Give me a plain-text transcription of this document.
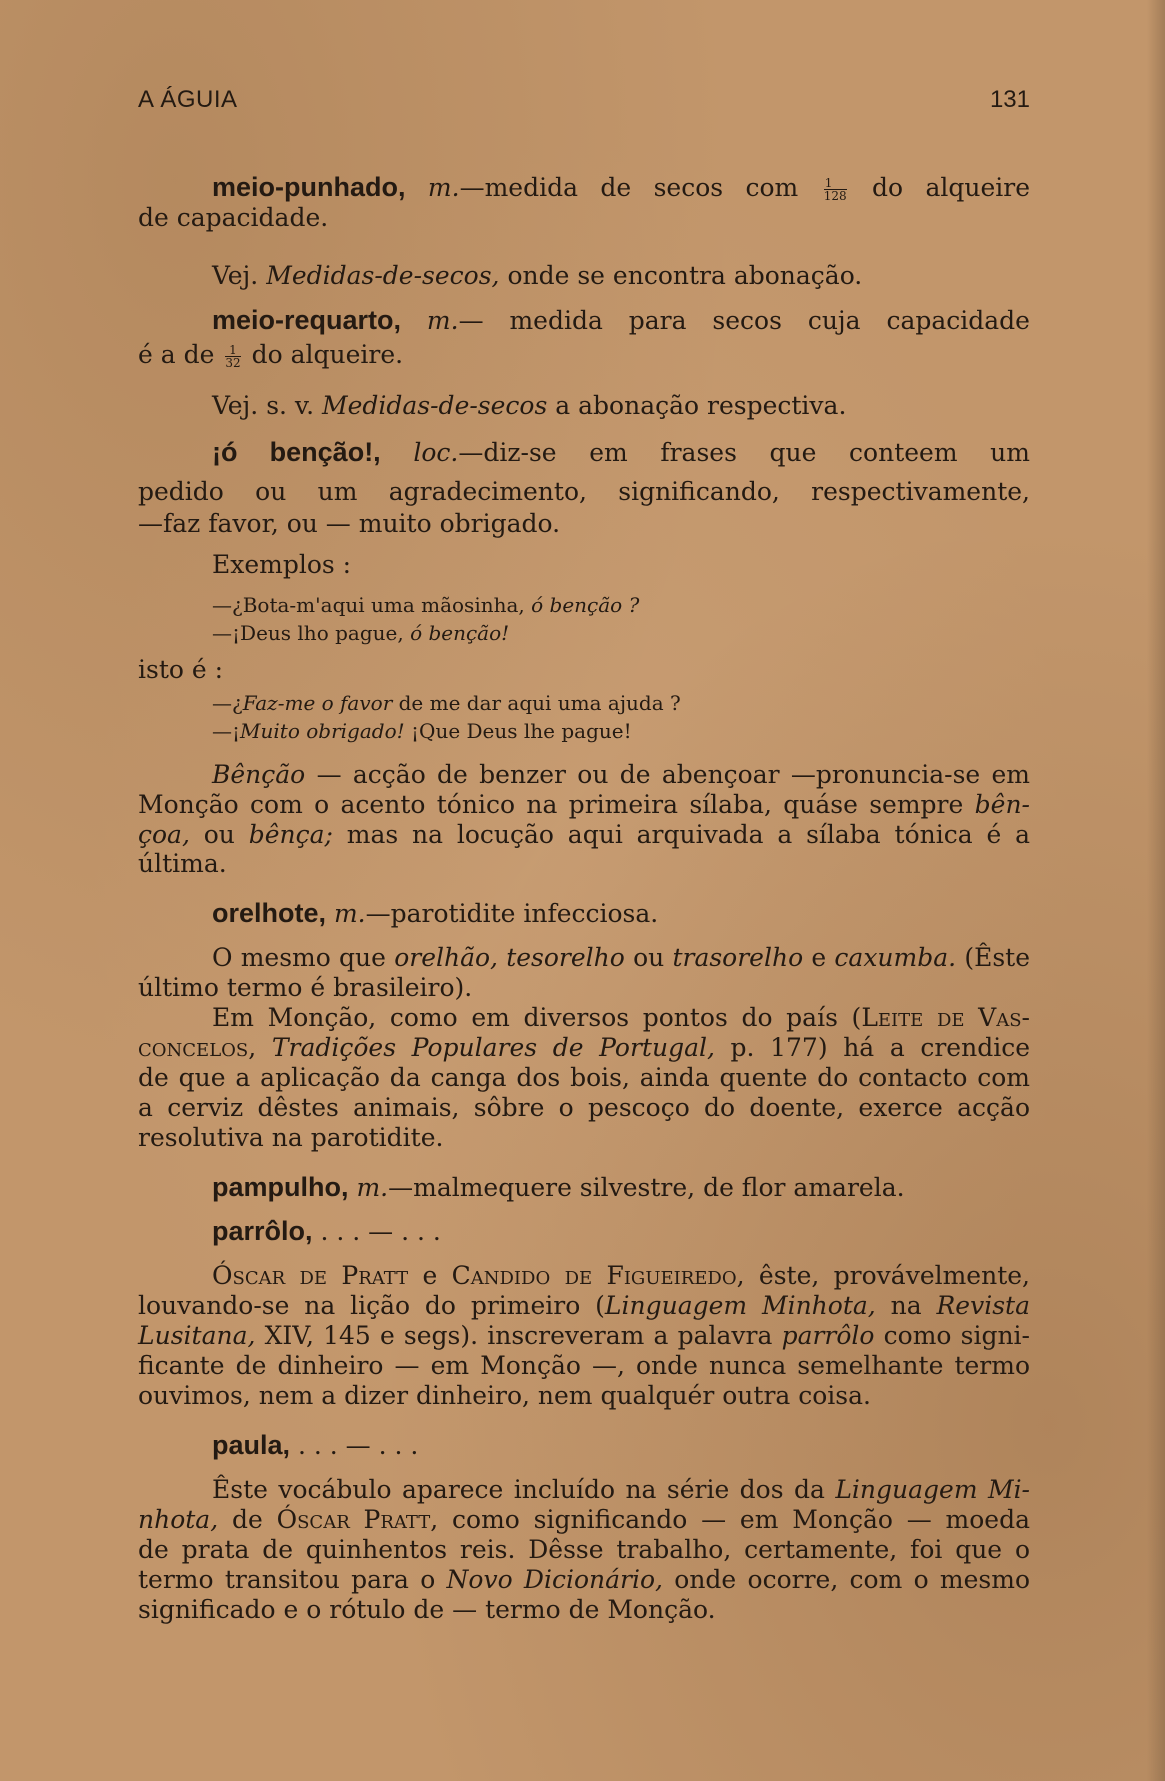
A ÁGUIA	131
meio-punhado, m.—medida de secos com $\frac{1}{128}$ do alqueire
de capacidade.
Vej. Medidas-de-secos, onde se encontra abonação.
meio-requarto, m.— medida para secos cuja capacidade
é a de $\frac{1}{32}$ do alqueire.
Vej. s. v. Medidas-de-secos a abonação respectiva.
¡ó benção!, loc.—diz-se em frases que conteem um
pedido ou um agradecimento, significando, respectivamente,
—faz favor, ou — muito obrigado.
Exemplos :
—¿Bota-m'aqui uma mãosinha, ó benção ?
—¡Deus lho pague, ó benção!
isto é :
—¿Faz-me o favor de me dar aqui uma ajuda ?
—¡Muito obrigado! ¡Que Deus lhe pague!
Bênção — acção de benzer ou de abençoar —pronuncia-se em
Monção com o acento tónico na primeira sílaba, quáse sempre bên-
çoa, ou bênça; mas na locução aqui arquivada a sílaba tónica é a
última.
orelhote, m.—parotidite infecciosa.
O mesmo que orelhão, tesorelho ou trasorelho e caxumba. (Êste
último termo é brasileiro).
Em Monção, como em diversos pontos do país (Leite de Vas-
concelos, Tradições Populares de Portugal, p. 177) há a crendice
de que a aplicação da canga dos bois, ainda quente do contacto com
a cerviz dêstes animais, sôbre o pescoço do doente, exerce acção
resolutiva na parotidite.
pampulho, m.—malmequere silvestre, de flor amarela.
parrôlo, . . . — . . .
Óscar de Pratt e Candido de Figueiredo, êste, provávelmente,
louvando-se na lição do primeiro (Linguagem Minhota, na Revista
Lusitana, XIV, 145 e segs). inscreveram a palavra parrôlo como signi-
ficante de dinheiro — em Monção —, onde nunca semelhante termo
ouvimos, nem a dizer dinheiro, nem qualquér outra coisa.
paula, . . . — . . .
Êste vocábulo aparece incluído na série dos da Linguagem Mi-
nhota, de Óscar Pratt, como significando — em Monção — moeda
de prata de quinhentos reis. Dêsse trabalho, certamente, foi que o
termo transitou para o Novo Dicionário, onde ocorre, com o mesmo
significado e o rótulo de — termo de Monção.
